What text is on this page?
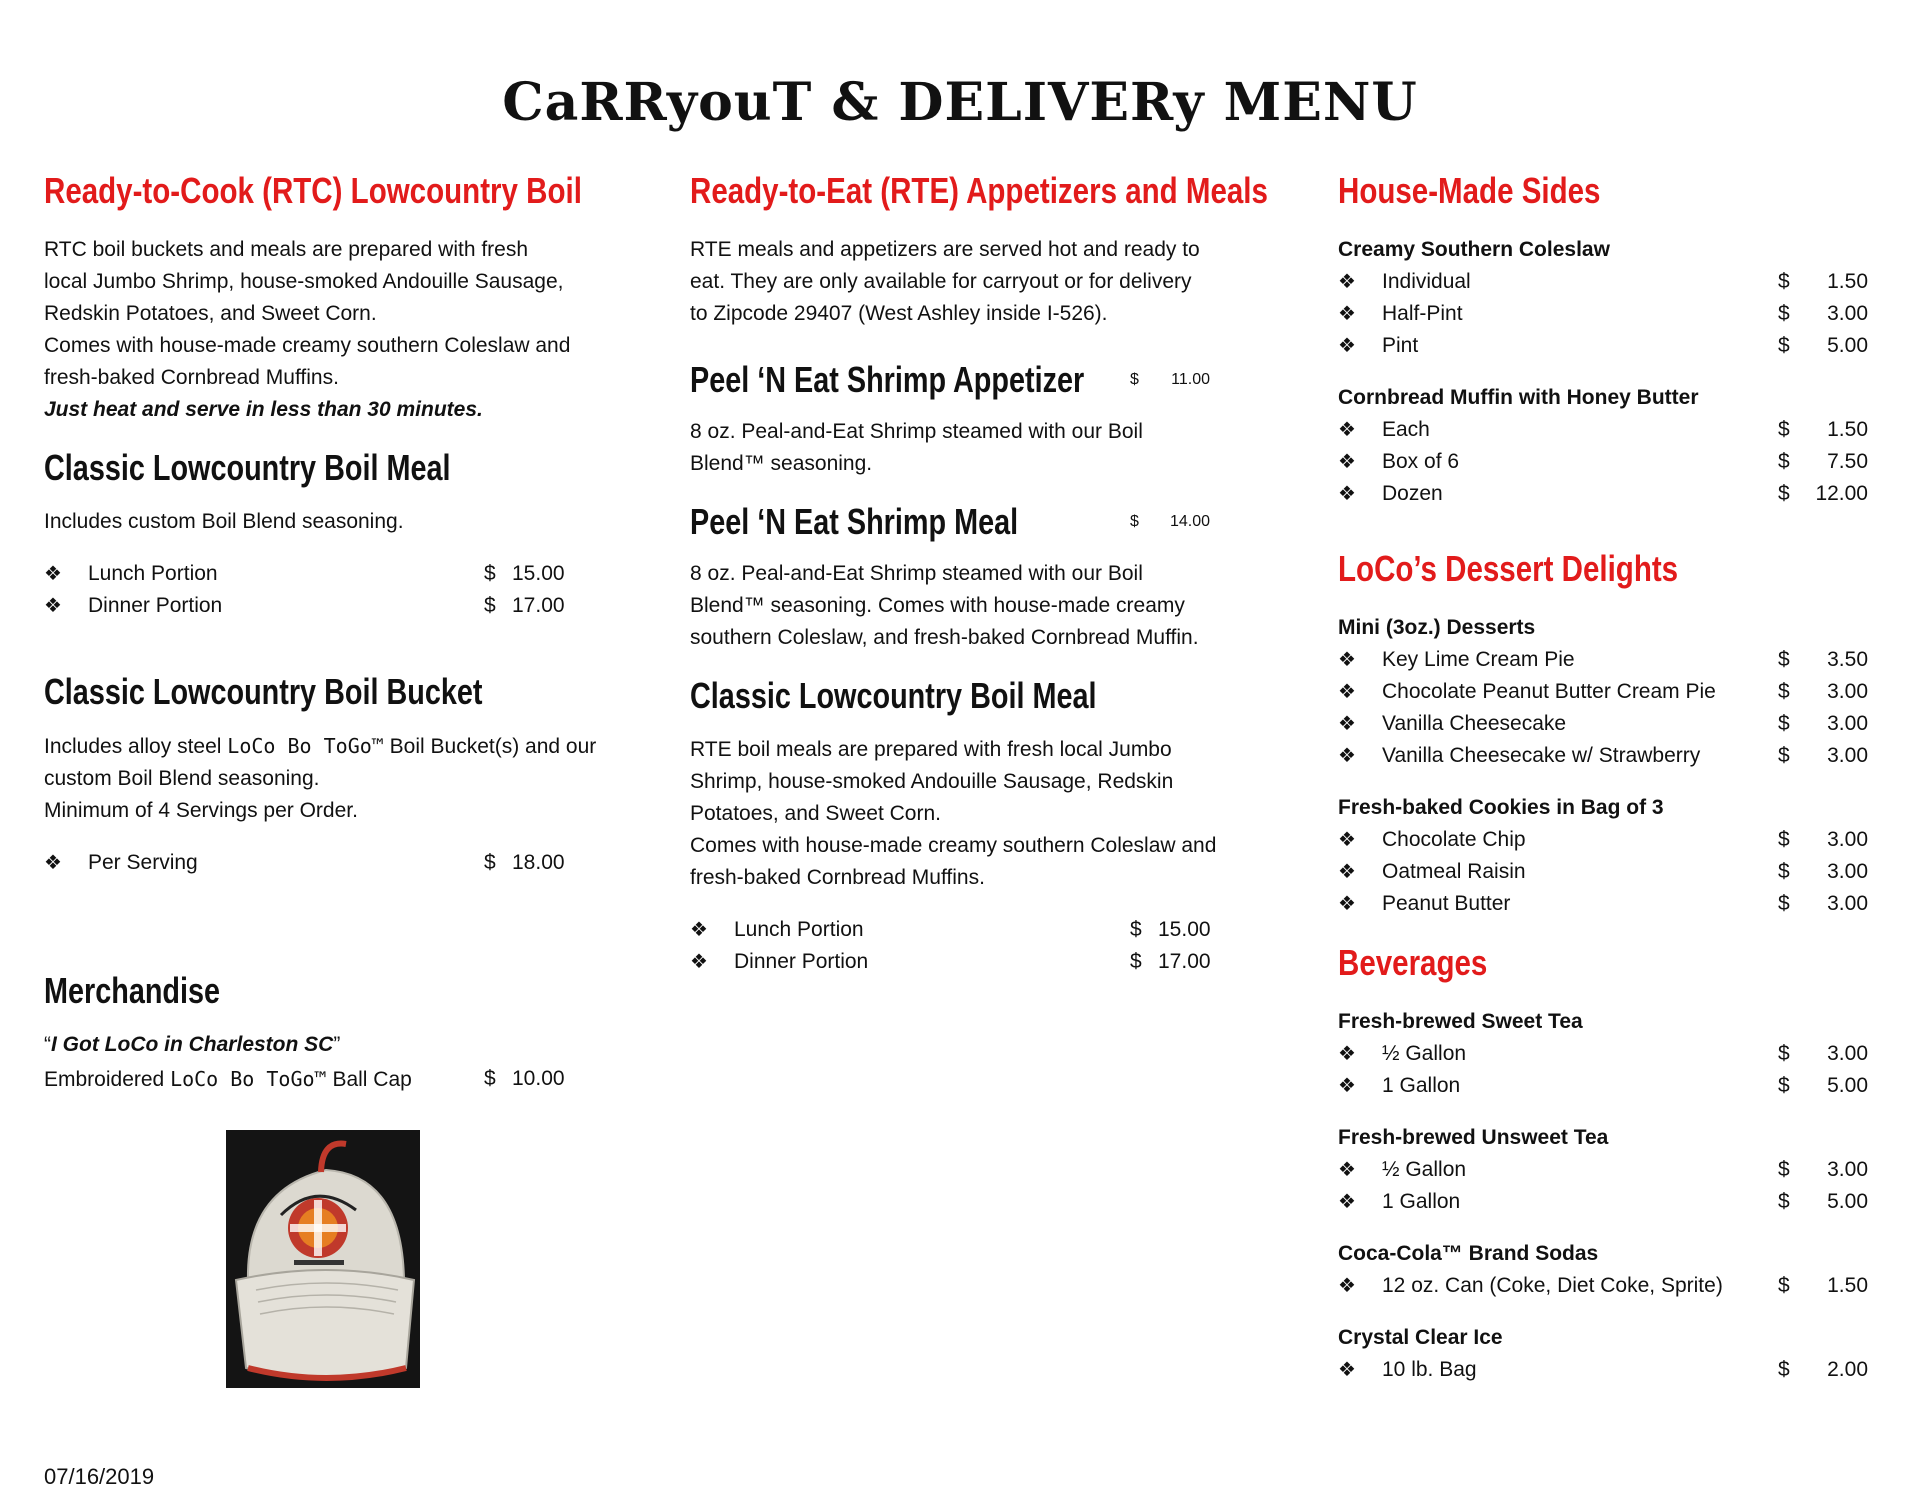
CaRRyouT & DELIVERy MENU
Ready-to-Cook (RTC) Lowcountry Boil

RTC boil buckets and meals are prepared with fresh

local Jumbo Shrimp, house-smoked Andouille Sausage,

Redskin Potatoes, and Sweet Corn.

Comes with house-made creamy southern Coleslaw and

fresh-baked Cornbread Muffins.

Just heat and serve in less than 30 minutes.

Classic Lowcountry Boil Meal

Includes custom Boil Blend seasoning.

❖	Lunch Portion	$ 15.00
❖	Dinner Portion	$ 17.00
Classic Lowcountry Boil Bucket

Includes alloy steel LoCo Bo ToGo™ Boil Bucket(s) and our

custom Boil Blend seasoning.

Minimum of 4 Servings per Order.

❖	Per Serving	$ 18.00
Merchandise

“I Got LoCo in Charleston SC”

Embroidered LoCo Bo ToGo™ Ball Cap	$ 10.00
Ready-to-Eat (RTE) Appetizers and Meals

RTE meals and appetizers are served hot and ready to

eat. They are only available for carryout or for delivery

to Zipcode 29407 (West Ashley inside I-526).

Peel ‘N Eat Shrimp Appetizer	$	11.00

8 oz. Peal-and-Eat Shrimp steamed with our Boil

Blend™ seasoning.

Peel ‘N Eat Shrimp Meal	$	14.00

8 oz. Peal-and-Eat Shrimp steamed with our Boil

Blend™ seasoning. Comes with house-made creamy

southern Coleslaw, and fresh-baked Cornbread Muffin.

Classic Lowcountry Boil Meal

RTE boil meals are prepared with fresh local Jumbo

Shrimp, house-smoked Andouille Sausage, Redskin

Potatoes, and Sweet Corn.

Comes with house-made creamy southern Coleslaw and

fresh-baked Cornbread Muffins.

❖	Lunch Portion	$ 15.00
❖	Dinner Portion	$ 17.00
House-Made Sides
Creamy Southern Coleslaw
❖	Individual	$	1.50
❖	Half-Pint	$	3.00
❖	Pint	$	5.00
Cornbread Muffin with Honey Butter
❖	Each	$	1.50
❖	Box of 6	$	7.50
❖	Dozen	$	12.00
LoCo’s Dessert Delights
Mini (3oz.) Desserts
❖	Key Lime Cream Pie	$	3.50
❖	Chocolate Peanut Butter Cream Pie	$	3.00
❖	Vanilla Cheesecake	$	3.00
❖	Vanilla Cheesecake w/ Strawberry	$	3.00
Fresh-baked Cookies in Bag of 3
❖	Chocolate Chip	$	3.00
❖	Oatmeal Raisin	$	3.00
❖	Peanut Butter	$	3.00
Beverages
Fresh-brewed Sweet Tea
❖	½ Gallon	$	3.00
❖	1 Gallon	$	5.00
Fresh-brewed Unsweet Tea
❖	½ Gallon	$	3.00
❖	1 Gallon	$	5.00
Coca-Cola™ Brand Sodas
❖	12 oz. Can (Coke, Diet Coke, Sprite)	$	1.50
Crystal Clear Ice
❖	10 lb. Bag	$	2.00
07/16/2019
